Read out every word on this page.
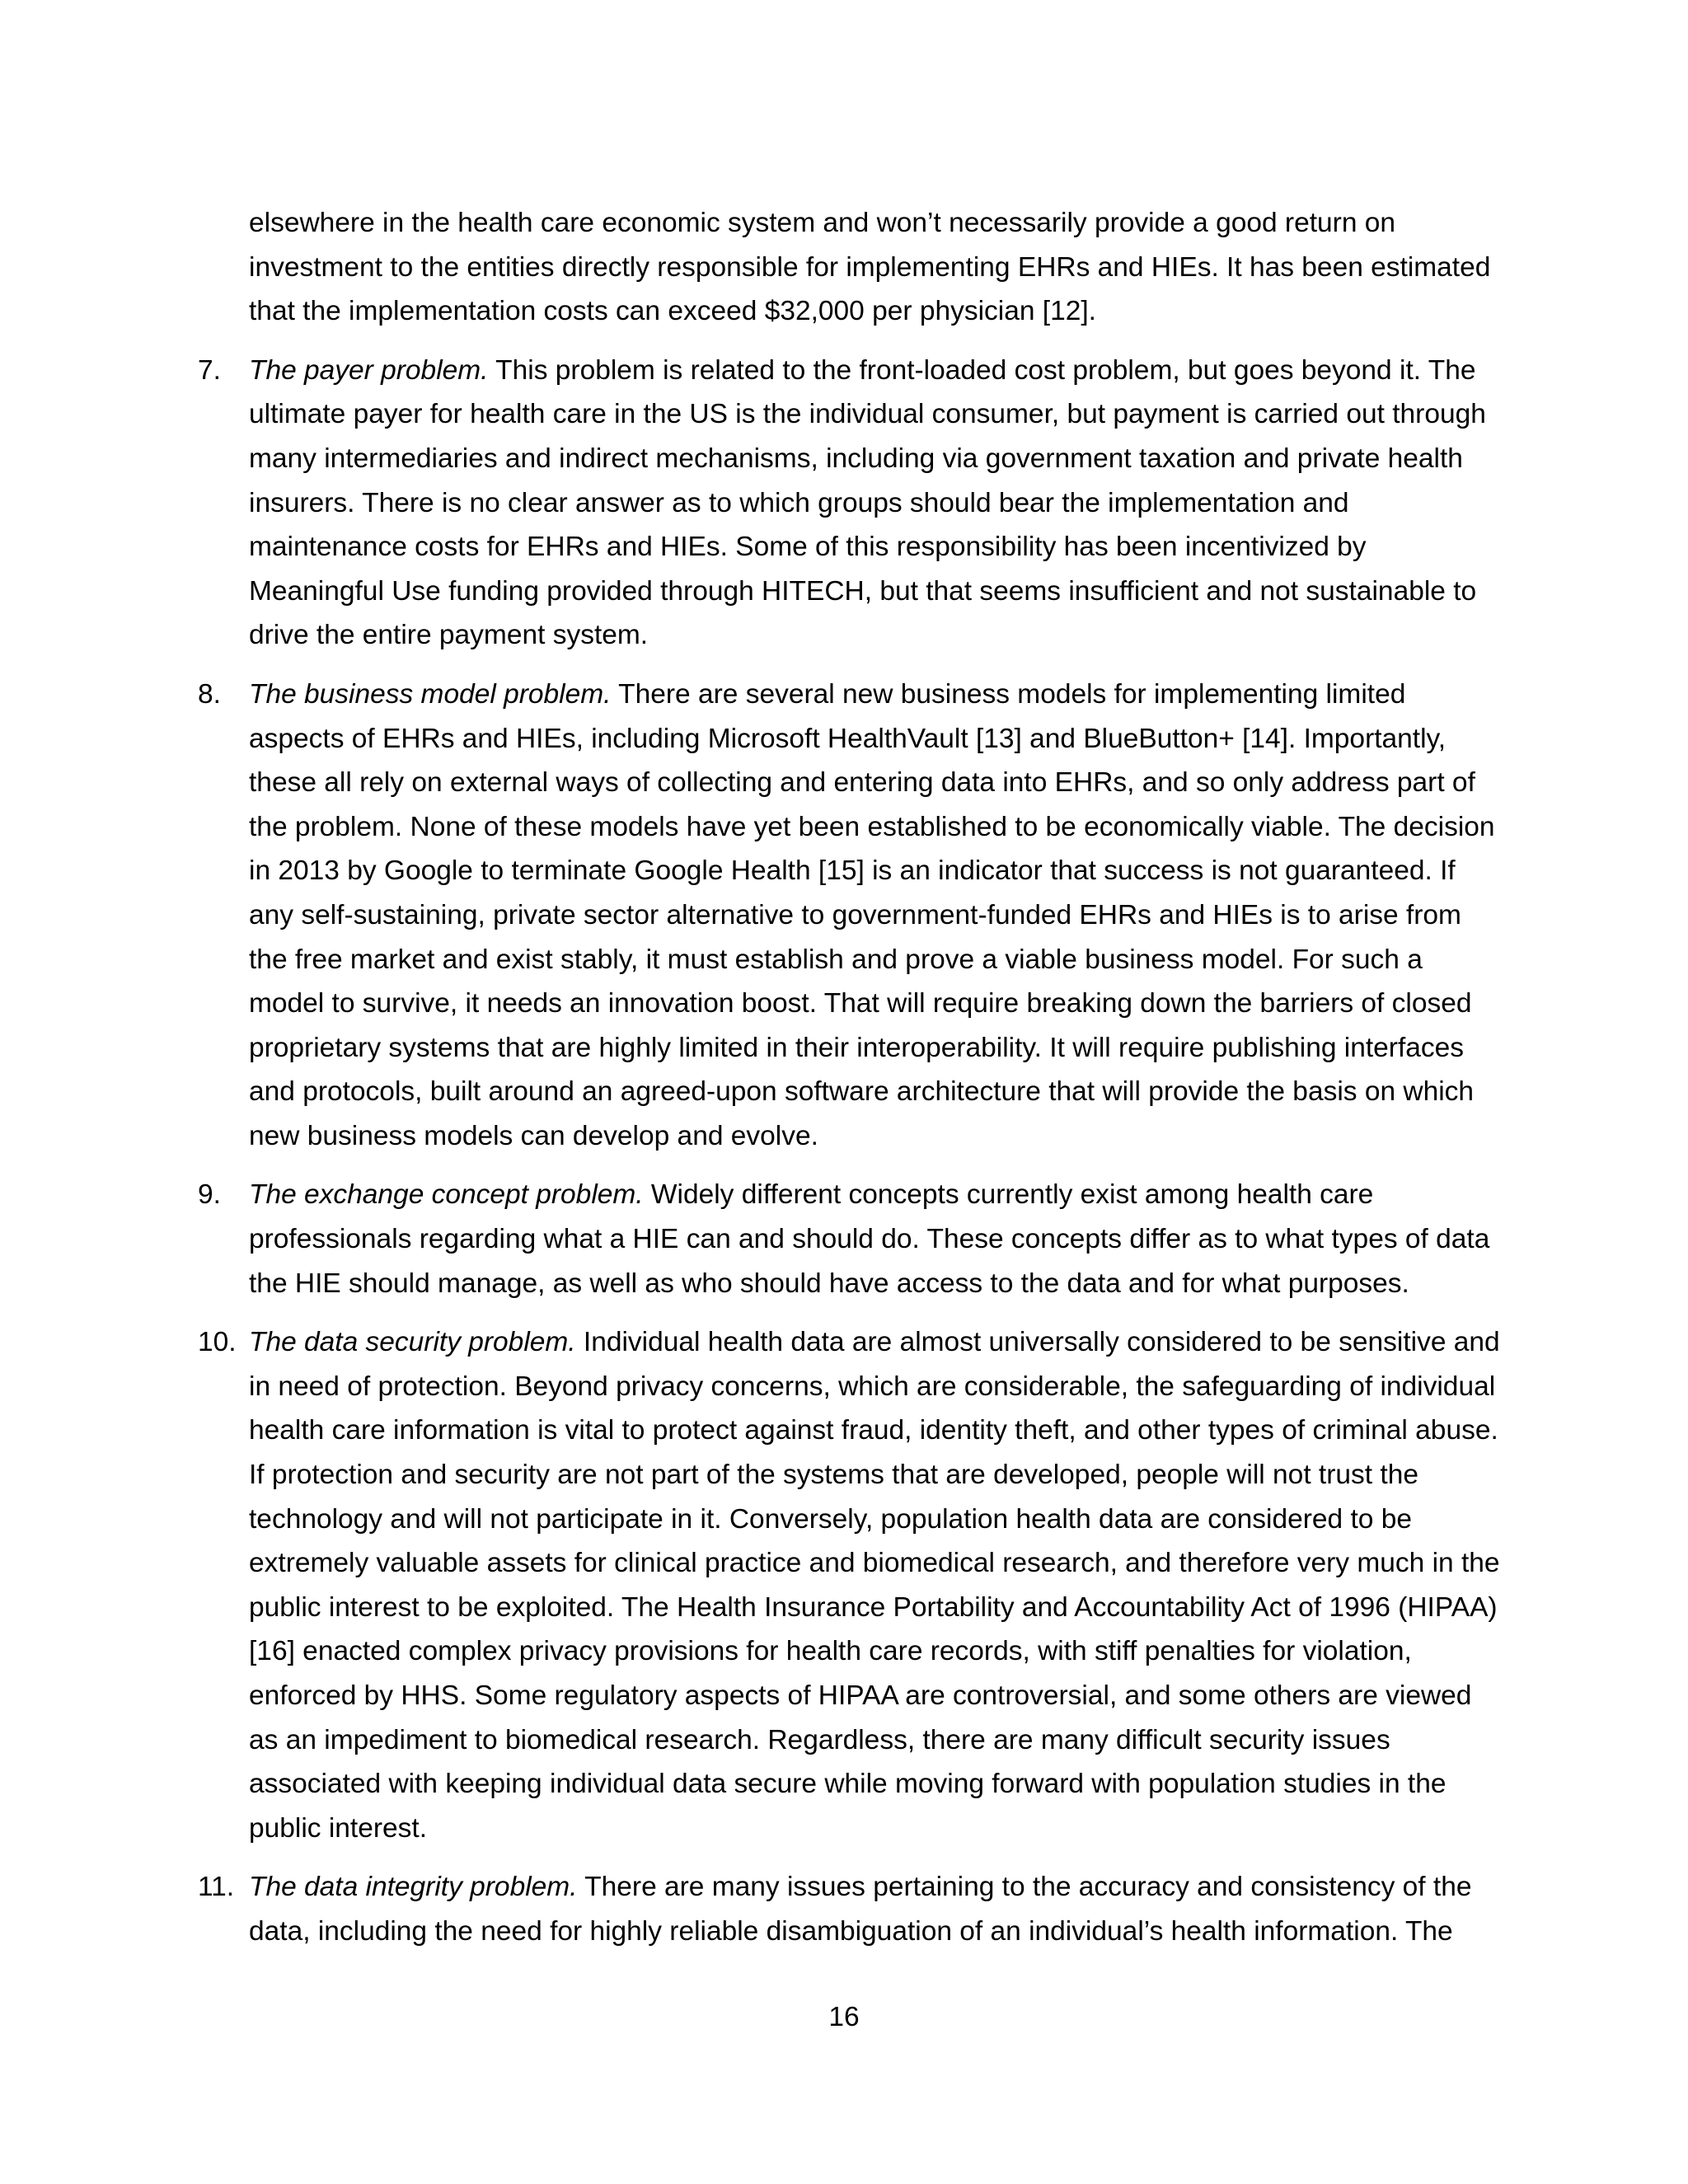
elsewhere in the health care economic system and won’t necessarily provide a good return on investment to the entities directly responsible for implementing EHRs and HIEs. It has been estimated that the implementation costs can exceed $32,000 per physician [12].

7. The payer problem. This problem is related to the front-loaded cost problem, but goes beyond it. The ultimate payer for health care in the US is the individual consumer, but payment is carried out through many intermediaries and indirect mechanisms, including via government taxation and private health insurers. There is no clear answer as to which groups should bear the implementation and maintenance costs for EHRs and HIEs. Some of this responsibility has been incentivized by Meaningful Use funding provided through HITECH, but that seems insufficient and not sustainable to drive the entire payment system.
8. The business model problem. There are several new business models for implementing limited aspects of EHRs and HIEs, including Microsoft HealthVault [13] and BlueButton+ [14]. Importantly, these all rely on external ways of collecting and entering data into EHRs, and so only address part of the problem. None of these models have yet been established to be economically viable. The decision in 2013 by Google to terminate Google Health [15] is an indicator that success is not guaranteed. If any self-sustaining, private sector alternative to government-funded EHRs and HIEs is to arise from the free market and exist stably, it must establish and prove a viable business model. For such a model to survive, it needs an innovation boost. That will require breaking down the barriers of closed proprietary systems that are highly limited in their interoperability. It will require publishing interfaces and protocols, built around an agreed-upon software architecture that will provide the basis on which new business models can develop and evolve.
9. The exchange concept problem. Widely different concepts currently exist among health care professionals regarding what a HIE can and should do. These concepts differ as to what types of data the HIE should manage, as well as who should have access to the data and for what purposes.
10. The data security problem. Individual health data are almost universally considered to be sensitive and in need of protection. Beyond privacy concerns, which are considerable, the safeguarding of individual health care information is vital to protect against fraud, identity theft, and other types of criminal abuse. If protection and security are not part of the systems that are developed, people will not trust the technology and will not participate in it. Conversely, population health data are considered to be extremely valuable assets for clinical practice and biomedical research, and therefore very much in the public interest to be exploited. The Health Insurance Portability and Accountability Act of 1996 (HIPAA) [16] enacted complex privacy provisions for health care records, with stiff penalties for violation, enforced by HHS. Some regulatory aspects of HIPAA are controversial, and some others are viewed as an impediment to biomedical research. Regardless, there are many difficult security issues associated with keeping individual data secure while moving forward with population studies in the public interest.
11. The data integrity problem. There are many issues pertaining to the accuracy and consistency of the data, including the need for highly reliable disambiguation of an individual’s health information. The
16
